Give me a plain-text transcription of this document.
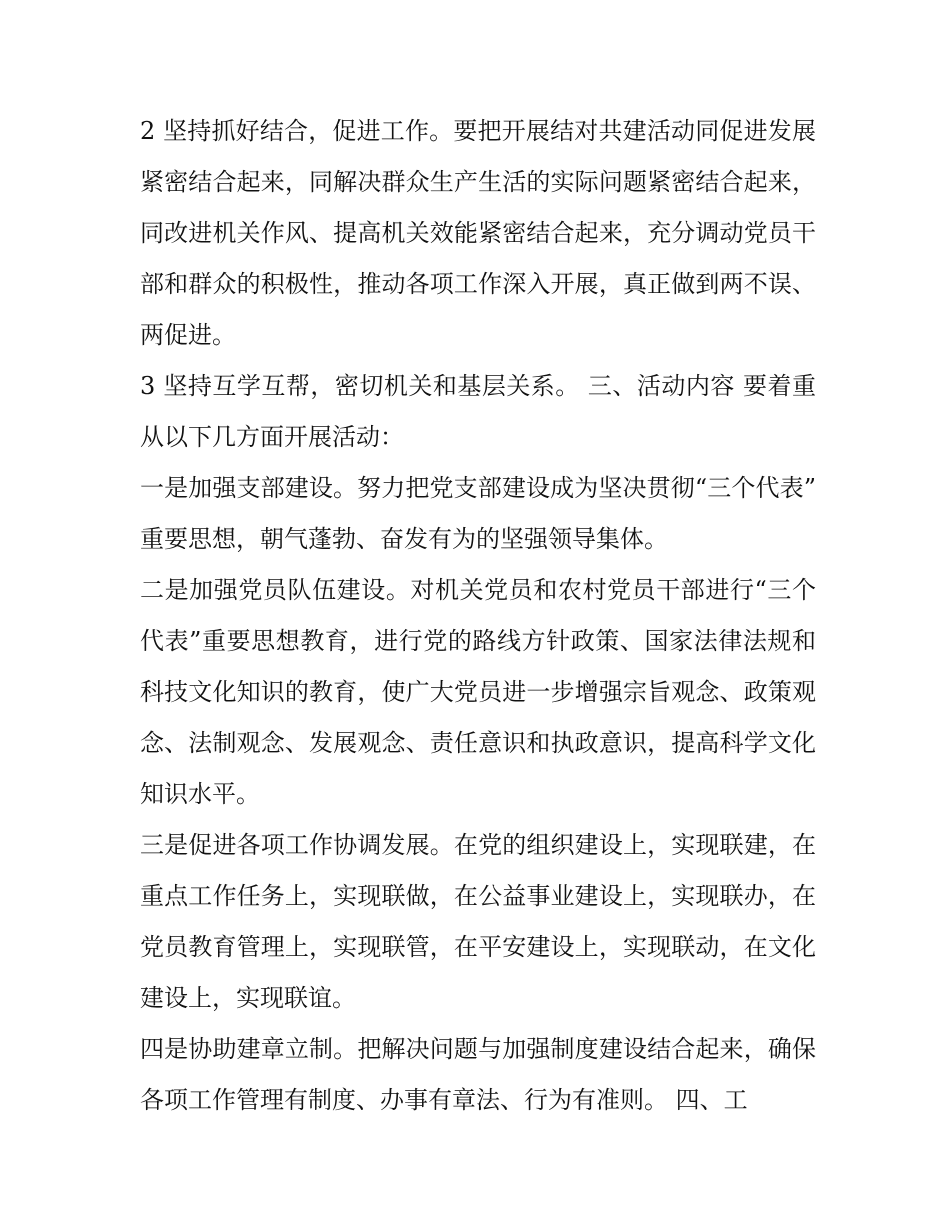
2 坚持抓好结合，促进工作。要把开展结对共建活动同促进发展紧密结合起来，同解决群众生产生活的实际问题紧密结合起来，同改进机关作风、提高机关效能紧密结合起来，充分调动党员干部和群众的积极性，推动各项工作深入开展，真正做到两不误、两促进。

3 坚持互学互帮，密切机关和基层关系。 三、活动内容 要着重从以下几方面开展活动：

一是加强支部建设。努力把党支部建设成为坚决贯彻“三个代表”重要思想，朝气蓬勃、奋发有为的坚强领导集体。

二是加强党员队伍建设。对机关党员和农村党员干部进行“三个代表”重要思想教育，进行党的路线方针政策、国家法律法规和科技文化知识的教育，使广大党员进一步增强宗旨观念、政策观念、法制观念、发展观念、责任意识和执政意识，提高科学文化知识水平。

三是促进各项工作协调发展。在党的组织建设上，实现联建，在重点工作任务上，实现联做，在公益事业建设上，实现联办，在党员教育管理上，实现联管，在平安建设上，实现联动，在文化建设上，实现联谊。

四是协助建章立制。把解决问题与加强制度建设结合起来，确保各项工作管理有制度、办事有章法、行为有准则。 四、工
